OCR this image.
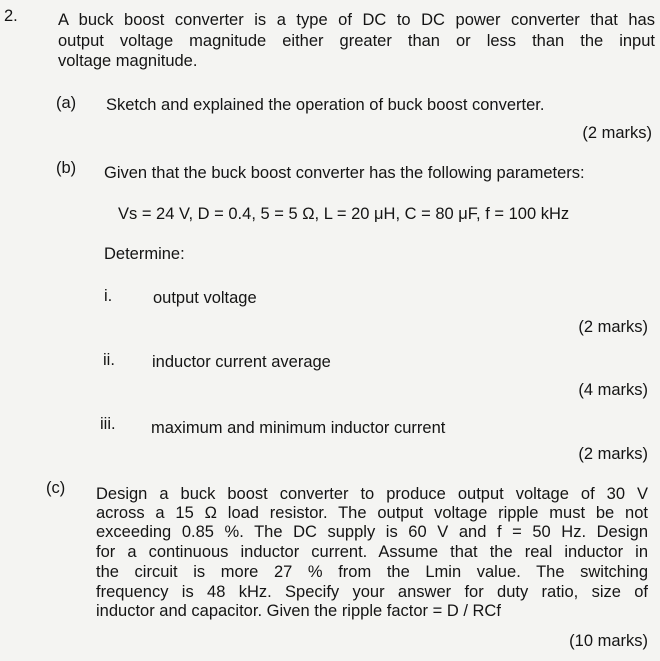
2. A buck boost converter is a type of DC to DC power converter that has
output voltage magnitude either greater than or less than the input
voltage magnitude.
(a) Sketch and explained the operation of buck boost converter.
(2 marks)
(b) Given that the buck boost converter has the following parameters:
Vs = 24 V, D = 0.4, 5 = 5 Ω, L = 20 μH, C = 80 μF, f = 100 kHz
Determine:
i. output voltage
(2 marks)
ii. inductor current average
(4 marks)
iii. maximum and minimum inductor current
(2 marks)
(c) Design a buck boost converter to produce output voltage of 30 V
across a 15 Ω load resistor. The output voltage ripple must be not
exceeding 0.85 %. The DC supply is 60 V and f = 50 Hz. Design
for a continuous inductor current. Assume that the real inductor in
the circuit is more 27 % from the Lmin value. The switching
frequency is 48 kHz. Specify your answer for duty ratio, size of
inductor and capacitor. Given the ripple factor = D / RCf
(10 marks)
